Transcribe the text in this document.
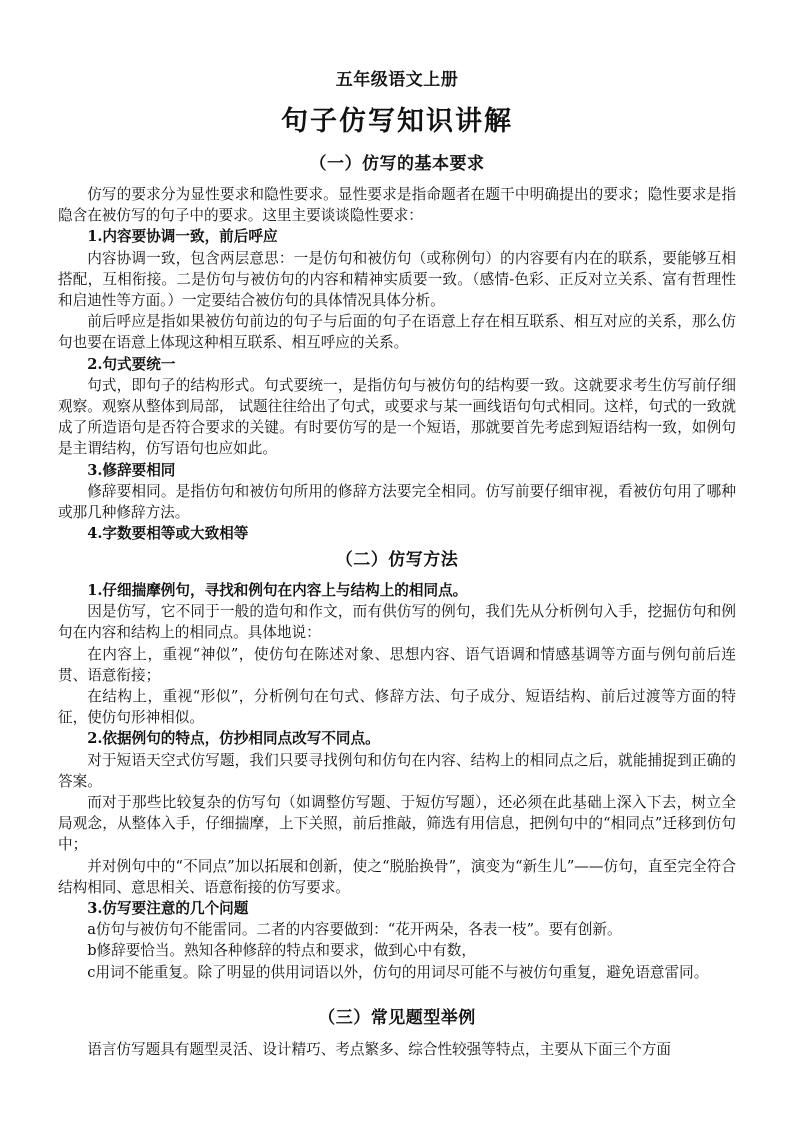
五年级语文上册
句子仿写知识讲解
（一）仿写的基本要求

仿写的要求分为显性要求和隐性要求。显性要求是指命题者在题干中明确提出的要求；隐性要求是指隐含在被仿写的句子中的要求。这里主要谈谈隐性要求：

1.内容要协调一致，前后呼应

内容协调一致，包含两层意思：一是仿句和被仿句（或称例句）的内容要有内在的联系，要能够互相搭配，互相衔接。二是仿句与被仿句的内容和精神实质要一致。（感情-色彩、正反对立关系、富有哲理性和启迪性等方面。）一定要结合被仿句的具体情况具体分析。

前后呼应是指如果被仿句前边的句子与后面的句子在语意上存在相互联系、相互对应的关系，那么仿句也要在语意上体现这种相互联系、相互呼应的关系。

2.句式要统一

句式，即句子的结构形式。句式要统一，是指仿句与被仿句的结构要一致。这就要求考生仿写前仔细观察。观察从整体到局部， 试题往往给出了句式，或要求与某一画线语句句式相同。这样，句式的一致就成了所造语句是否符合要求的关键。有时要仿写的是一个短语，那就要首先考虑到短语结构一致，如例句是主谓结构，仿写语句也应如此。

3.修辞要相同

修辞要相同。是指仿句和被仿句所用的修辞方法要完全相同。仿写前要仔细审视，看被仿句用了哪种或那几种修辞方法。

4.字数要相等或大致相等

（二）仿写方法

1.仔细揣摩例句，寻找和例句在内容上与结构上的相同点。

因是仿写，它不同于一般的造句和作文，而有供仿写的例句，我们先从分析例句入手，挖掘仿句和例句在内容和结构上的相同点。具体地说：

在内容上，重视“神似”，使仿句在陈述对象、思想内容、语气语调和情感基调等方面与例句前后连贯、语意衔接；

在结构上，重视“形似”，分析例句在句式、修辞方法、句子成分、短语结构、前后过渡等方面的特征，使仿句形神相似。

2.依据例句的特点，仿抄相同点改写不同点。

对于短语天空式仿写题，我们只要寻找例句和仿句在内容、结构上的相同点之后，就能捕捉到正确的答案。

而对于那些比较复杂的仿写句（如调整仿写题、于短仿写题），还必须在此基础上深入下去，树立全局观念，从整体入手，仔细揣摩，上下关照，前后推敲，筛选有用信息，把例句中的“相同点”迁移到仿句中；

并对例句中的“不同点”加以拓展和创新，使之“脱胎换骨”，演变为“新生儿”——仿句，直至完全符合结构相同、意思相关、语意衔接的仿写要求。

3.仿写要注意的几个问题

a仿句与被仿句不能雷同。二者的内容要做到：“花开两朵，各表一枝”。要有创新。

b修辞要恰当。熟知各种修辞的特点和要求，做到心中有数，

c用词不能重复。除了明显的供用词语以外，仿句的用词尽可能不与被仿句重复，避免语意雷同。

（三）常见题型举例

语言仿写题具有题型灵活、设计精巧、考点繁多、综合性较强等特点，主要从下面三个方面
